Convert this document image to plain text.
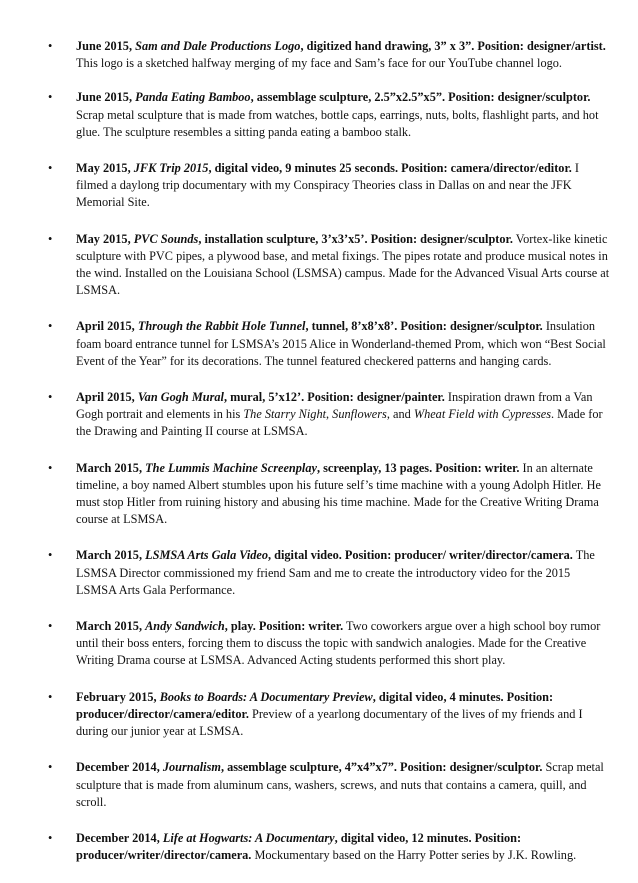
• June 2015, Sam and Dale Productions Logo, digitized hand drawing, 3” x 3”. Position: designer/artist. This logo is a sketched halfway merging of my face and Sam’s face for our YouTube channel logo.
• June 2015, Panda Eating Bamboo, assemblage sculpture, 2.5”x2.5”x5”. Position: designer/sculptor. Scrap metal sculpture that is made from watches, bottle caps, earrings, nuts, bolts, flashlight parts, and hot glue. The sculpture resembles a sitting panda eating a bamboo stalk.
• May 2015, JFK Trip 2015, digital video, 9 minutes 25 seconds. Position: camera/director/editor. I filmed a daylong trip documentary with my Conspiracy Theories class in Dallas on and near the JFK Memorial Site.
• May 2015, PVC Sounds, installation sculpture, 3’x3’x5’. Position: designer/sculptor. Vortex-like kinetic sculpture with PVC pipes, a plywood base, and metal fixings. The pipes rotate and produce musical notes in the wind. Installed on the Louisiana School (LSMSA) campus. Made for the Advanced Visual Arts course at LSMSA.
• April 2015, Through the Rabbit Hole Tunnel, tunnel, 8’x8’x8’. Position: designer/sculptor. Insulation foam board entrance tunnel for LSMSA’s 2015 Alice in Wonderland-themed Prom, which won “Best Social Event of the Year” for its decorations. The tunnel featured checkered patterns and hanging cards.
• April 2015, Van Gogh Mural, mural, 5’x12’. Position: designer/painter. Inspiration drawn from a Van Gogh portrait and elements in his The Starry Night, Sunflowers, and Wheat Field with Cypresses. Made for the Drawing and Painting II course at LSMSA.
• March 2015, The Lummis Machine Screenplay, screenplay, 13 pages. Position: writer. In an alternate timeline, a boy named Albert stumbles upon his future self’s time machine with a young Adolph Hitler. He must stop Hitler from ruining history and abusing his time machine. Made for the Creative Writing Drama course at LSMSA.
• March 2015, LSMSA Arts Gala Video, digital video. Position: producer/ writer/director/camera. The LSMSA Director commissioned my friend Sam and me to create the introductory video for the 2015 LSMSA Arts Gala Performance.
• March 2015, Andy Sandwich, play. Position: writer. Two coworkers argue over a high school boy rumor until their boss enters, forcing them to discuss the topic with sandwich analogies. Made for the Creative Writing Drama course at LSMSA. Advanced Acting students performed this short play.
• February 2015, Books to Boards: A Documentary Preview, digital video, 4 minutes. Position: producer/director/camera/editor. Preview of a yearlong documentary of the lives of my friends and I during our junior year at LSMSA.
• December 2014, Journalism, assemblage sculpture, 4”x4”x7”. Position: designer/sculptor. Scrap metal sculpture that is made from aluminum cans, washers, screws, and nuts that contains a camera, quill, and scroll.
• December 2014, Life at Hogwarts: A Documentary, digital video, 12 minutes. Position: producer/writer/director/camera. Mockumentary based on the Harry Potter series by J.K. Rowling.
